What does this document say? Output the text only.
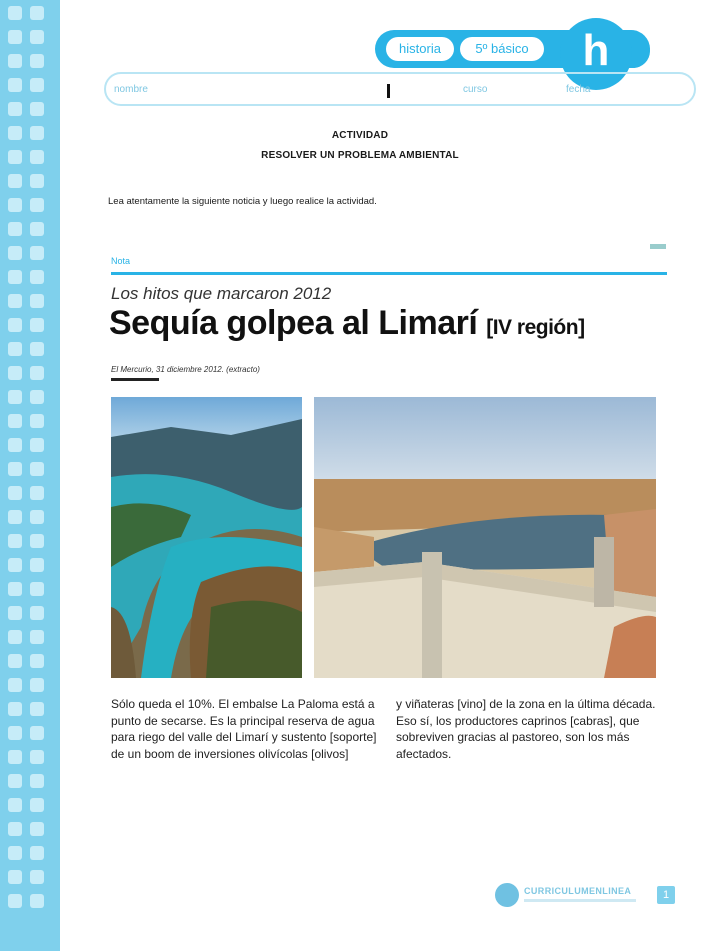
historia	5º básico	h
nombre	curso	fecha
ACTIVIDAD
RESOLVER UN PROBLEMA AMBIENTAL
Lea atentamente la siguiente noticia y luego realice la actividad.
Nota
Los hitos que marcaron 2012
Sequía golpea al Limarí [IV región]
El Mercurio, 31 diciembre 2012. (extracto)
Sólo queda el 10%. El embalse La Paloma está a punto de secarse. Es la principal reserva de agua para riego del valle del Limarí y sustento [soporte] de un boom de inversiones olivícolas [olivos]
y viñateras [vino] de la zona en la última década. Eso sí, los productores caprinos [cabras], que sobreviven gracias al pastoreo, son los más afectados.
CURRICULUMENLINEA	1
